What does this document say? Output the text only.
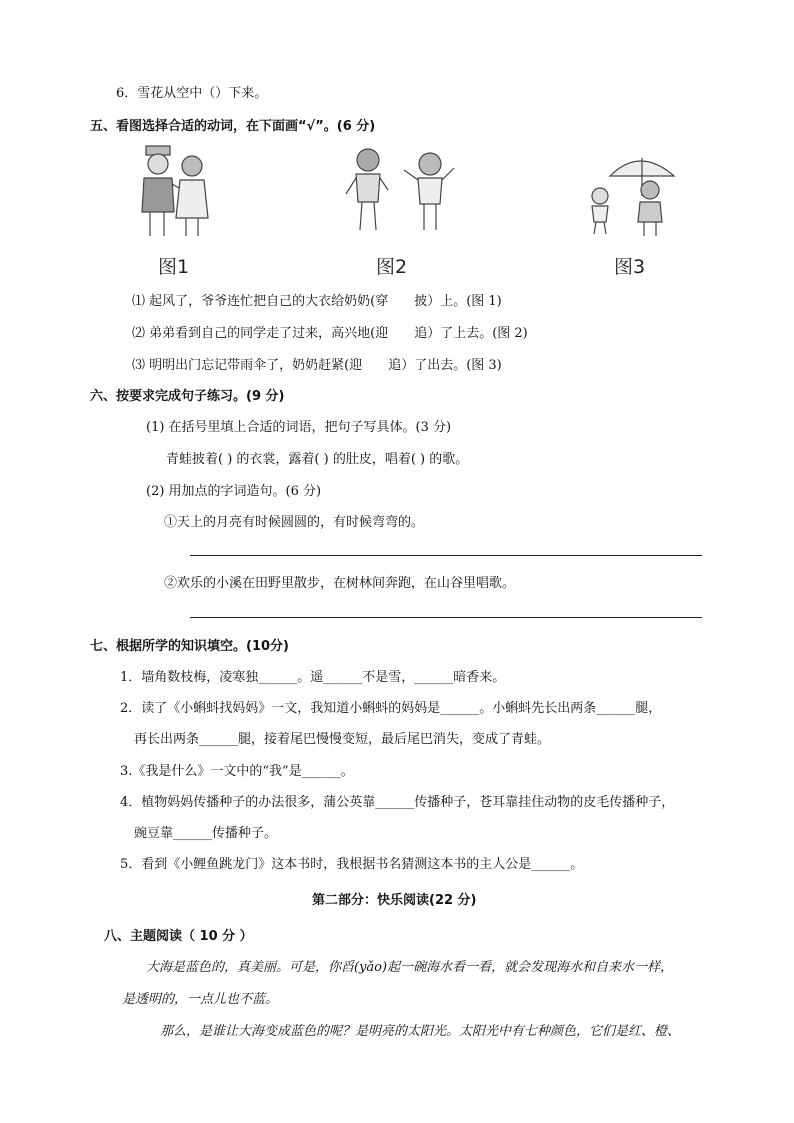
6．雪花从空中（）下来。
五、看图选择合适的动词，在下面画“√”。(6 分)
图1	图2	图3
⑴ 起风了，爷爷连忙把自己的大衣给奶奶(穿　　披）上。(图 1)
⑵ 弟弟看到自己的同学走了过来，高兴地(迎　　追）了上去。(图 2)
⑶ 明明出门忘记带雨伞了，奶奶赶紧(迎　　追）了出去。(图 3)
六、按要求完成句子练习。(9 分)
(1) 在括号里填上合适的词语，把句子写具体。(3 分)
青蛙披着( ) 的衣裳，露着( ) 的肚皮，唱着( ) 的歌。
(2) 用加点的字词造句。(6 分)
①天上的月亮有时候圆圆的，有时候弯弯的。
②欢乐的小溪在田野里散步，在树林间奔跑，在山谷里唱歌。
七、根据所学的知识填空。(10分)
1．墙角数枝梅，凌寒独______。遥______不是雪，______暗香来。
2．读了《小蝌蚪找妈妈》一文，我知道小蝌蚪的妈妈是______。小蝌蚪先长出两条______腿，
再长出两条______腿，接着尾巴慢慢变短，最后尾巴消失，变成了青蛙。
3.《我是什么》一文中的“我”是______。
4．植物妈妈传播种子的办法很多，蒲公英靠______传播种子，苍耳靠挂住动物的皮毛传播种子，
豌豆靠______传播种子。
5．看到《小鲤鱼跳龙门》这本书时，我根据书名猜测这本书的主人公是______。
第二部分：快乐阅读(22 分)
八、主题阅读（ 10 分 ）
大海是蓝色的，真美丽。可是，你舀(yǎo)起一碗海水看一看，就会发现海水和自来水一样，
是透明的，一点儿也不蓝。
那么，是谁让大海变成蓝色的呢？是明亮的太阳光。太阳光中有七种颜色，它们是红、橙、
